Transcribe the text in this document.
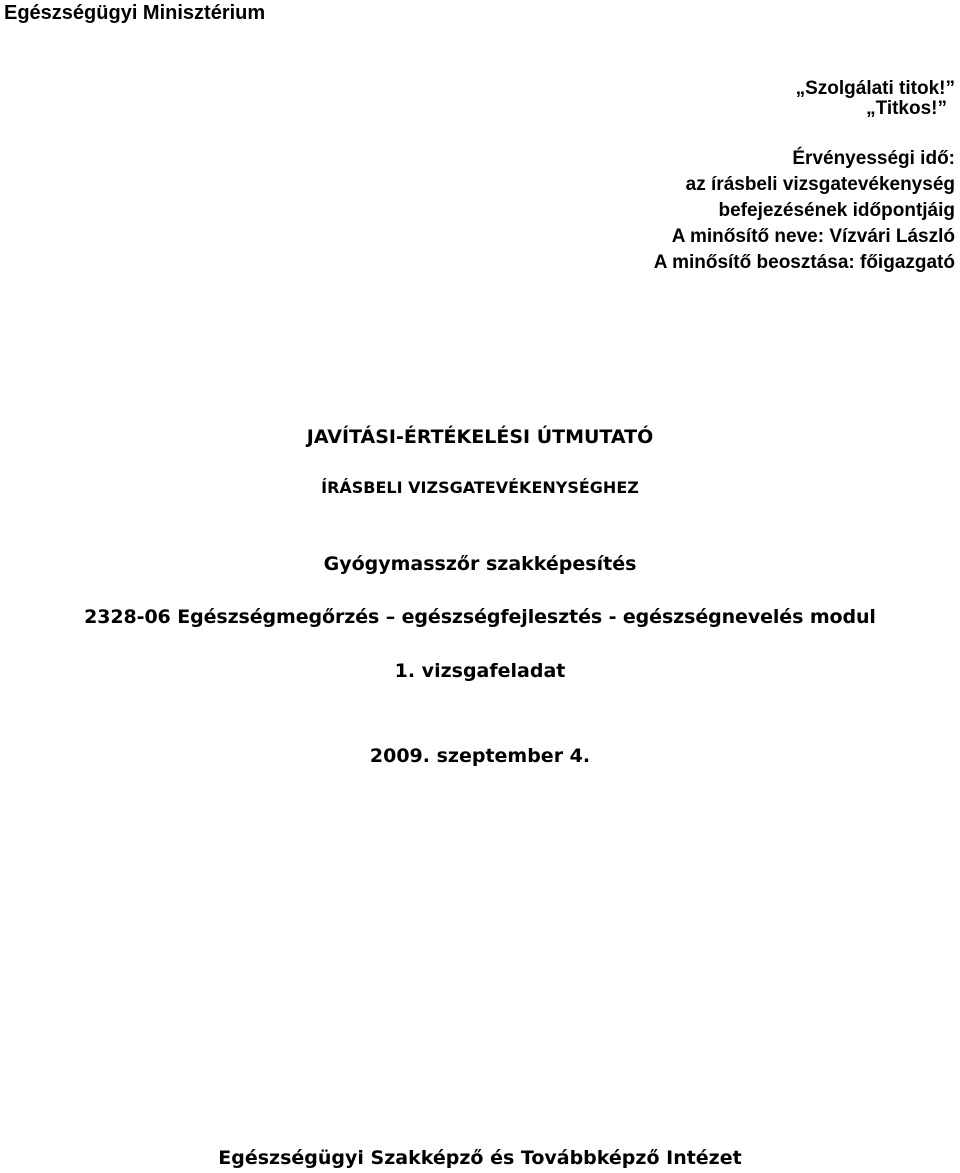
Egészségügyi Minisztérium
„Szolgálati titok!”
„Titkos!”
Érvényességi idő:
az írásbeli vizsgatevékenység
befejezésének időpontjáig
A minősítő neve: Vízvári László
A minősítő beosztása: főigazgató
JAVÍTÁSI-ÉRTÉKELÉSI ÚTMUTATÓ
ÍRÁSBELI VIZSGATEVÉKENYSÉGHEZ
Gyógymasszőr szakképesítés
2328-06 Egészségmegőrzés – egészségfejlesztés - egészségnevelés modul
1. vizsgafeladat
2009. szeptember 4.
Egészségügyi Szakképző és Továbbképző Intézet
